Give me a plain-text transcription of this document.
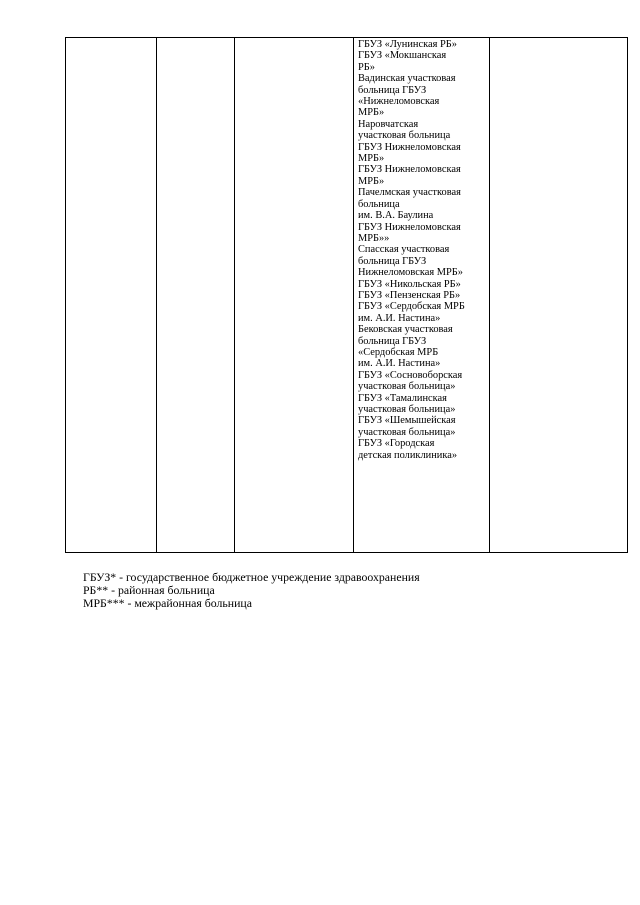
ГБУЗ «Лунинская РБ»
ГБУЗ «Мокшанская
РБ»
Вадинская участковая
больница ГБУЗ
«Нижнеломовская
МРБ»
Наровчатская
участковая больница
ГБУЗ Нижнеломовская
МРБ»
ГБУЗ Нижнеломовская
МРБ»
Пачелмская участковая
больница
им. В.А. Баулина
ГБУЗ Нижнеломовская
МРБ»»
Спасская участковая
больница ГБУЗ
Нижнеломовская МРБ»
ГБУЗ «Никольская РБ»
ГБУЗ «Пензенская РБ»
ГБУЗ «Сердобская МРБ
им. А.И. Настина»
Бековская участковая
больница ГБУЗ
«Сердобская МРБ
им. А.И. Настина»
ГБУЗ «Сосновоборская
участковая больница»
ГБУЗ «Тамалинская
участковая больница»
ГБУЗ «Шемышейская
участковая больница»
ГБУЗ «Городская
детская поликлиника»

ГБУЗ* - государственное бюджетное учреждение здравоохранения
РБ** - районная больница
МРБ*** - межрайонная больница
